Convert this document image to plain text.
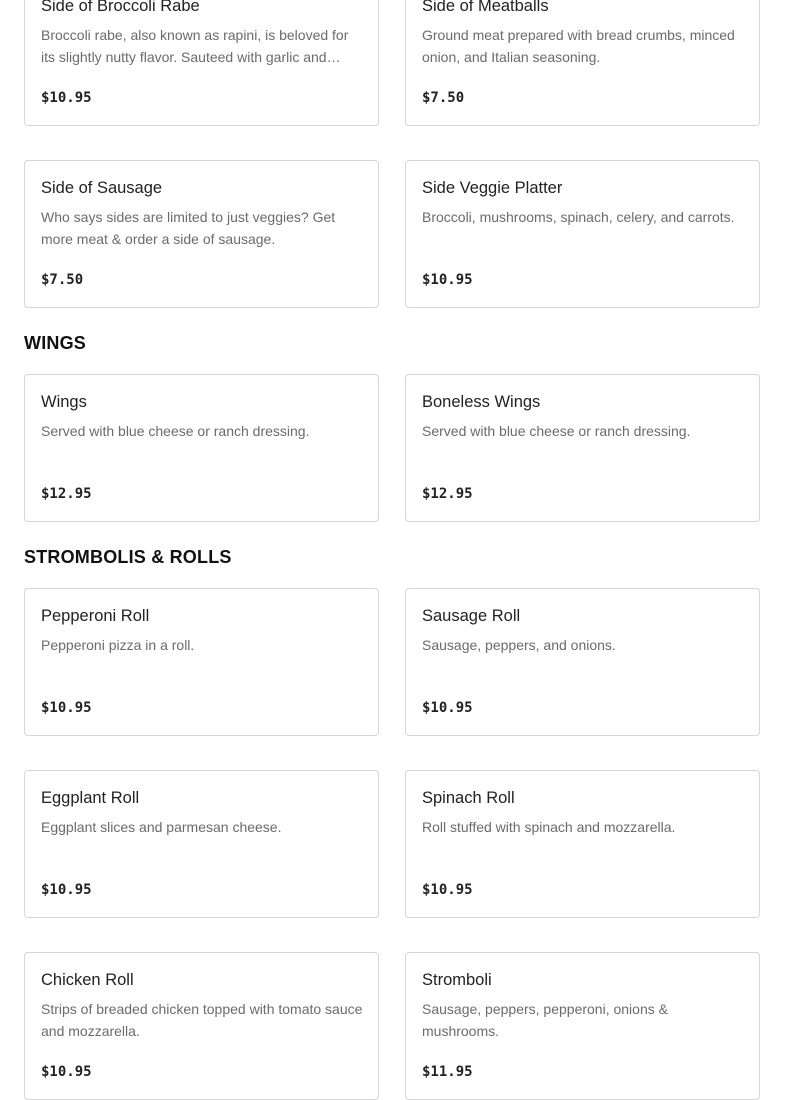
Side of Broccoli Rabe
Broccoli rabe, also known as rapini, is beloved for its slightly nutty flavor. Sauteed with garlic and…
$10.95
Side of Meatballs
Ground meat prepared with bread crumbs, minced onion, and Italian seasoning.
$7.50
Side of Sausage
Who says sides are limited to just veggies? Get more meat & order a side of sausage.
$7.50
Side Veggie Platter
Broccoli, mushrooms, spinach, celery, and carrots.
$10.95
WINGS
Wings
Served with blue cheese or ranch dressing.
$12.95
Boneless Wings
Served with blue cheese or ranch dressing.
$12.95
STROMBOLIS & ROLLS
Pepperoni Roll
Pepperoni pizza in a roll.
$10.95
Sausage Roll
Sausage, peppers, and onions.
$10.95
Eggplant Roll
Eggplant slices and parmesan cheese.
$10.95
Spinach Roll
Roll stuffed with spinach and mozzarella.
$10.95
Chicken Roll
Strips of breaded chicken topped with tomato sauce and mozzarella.
$10.95
Stromboli
Sausage, peppers, pepperoni, onions & mushrooms.
$11.95
